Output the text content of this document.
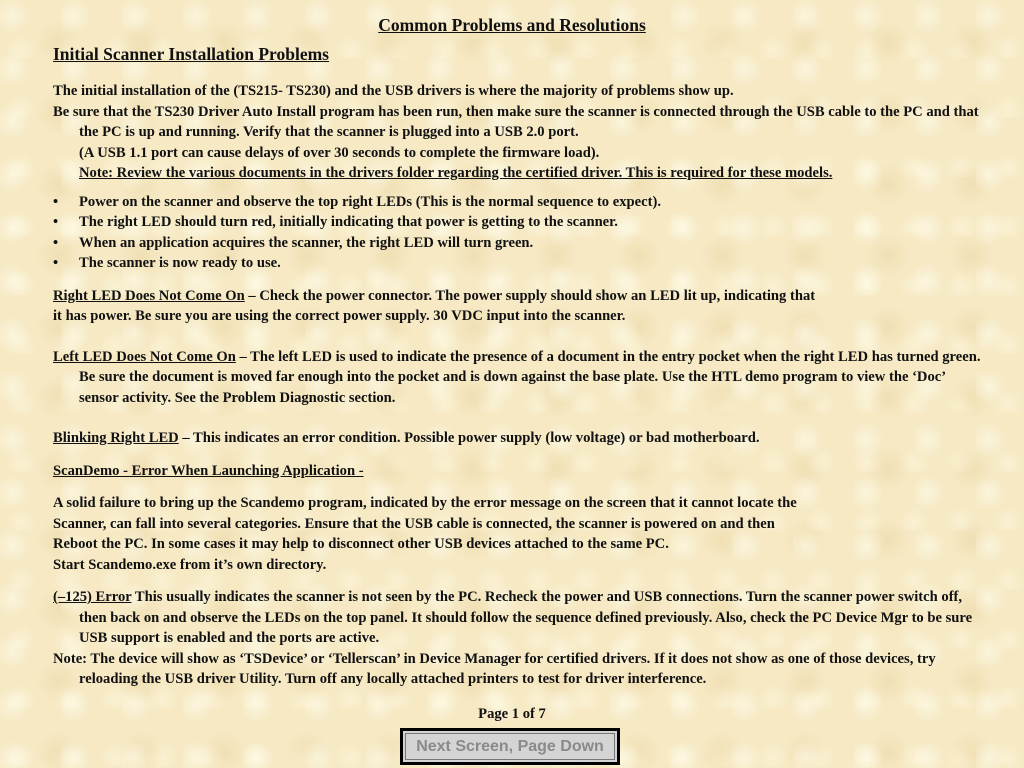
Common Problems and Resolutions
Initial Scanner Installation Problems

The initial installation of the (TS215- TS230) and the USB drivers is where the majority of problems show up.

Be sure that the TS230 Driver Auto Install program has been run, then make sure the scanner is connected through the USB cable to the PC and that the PC is up and running. Verify that the scanner is plugged into a USB 2.0 port.

(A USB 1.1 port can cause delays of over 30 seconds to complete the firmware load).

Note: Review the various documents in the drivers folder regarding the certified driver. This is required for these models.

• Power on the scanner and observe the top right LEDs (This is the normal sequence to expect).
• The right LED should turn red, initially indicating that power is getting to the scanner.
• When an application acquires the scanner, the right LED will turn green.
• The scanner is now ready to use.

Right LED Does Not Come On – Check the power connector. The power supply should show an LED lit up, indicating that

it has power. Be sure you are using the correct power supply. 30 VDC input into the scanner.

Left LED Does Not Come On – The left LED is used to indicate the presence of a document in the entry pocket when the right LED has turned green. Be sure the document is moved far enough into the pocket and is down against the base plate. Use the HTL demo program to view the ‘Doc’ sensor activity. See the Problem Diagnostic section.

Blinking Right LED – This indicates an error condition. Possible power supply (low voltage) or bad motherboard.

ScanDemo - Error When Launching Application -

A solid failure to bring up the Scandemo program, indicated by the error message on the screen that it cannot locate the

Scanner, can fall into several categories. Ensure that the USB cable is connected, the scanner is powered on and then

Reboot the PC. In some cases it may help to disconnect other USB devices attached to the same PC.

Start Scandemo.exe from it’s own directory.

(–125) Error This usually indicates the scanner is not seen by the PC. Recheck the power and USB connections. Turn the scanner power switch off, then back on and observe the LEDs on the top panel. It should follow the sequence defined previously. Also, check the PC Device Mgr to be sure USB support is enabled and the ports are active.

Note: The device will show as ‘TSDevice’ or ‘Tellerscan’ in Device Manager for certified drivers. If it does not show as one of those devices, try reloading the USB driver Utility. Turn off any locally attached printers to test for driver interference.

Page 1 of 7
Next Screen, Page Down
